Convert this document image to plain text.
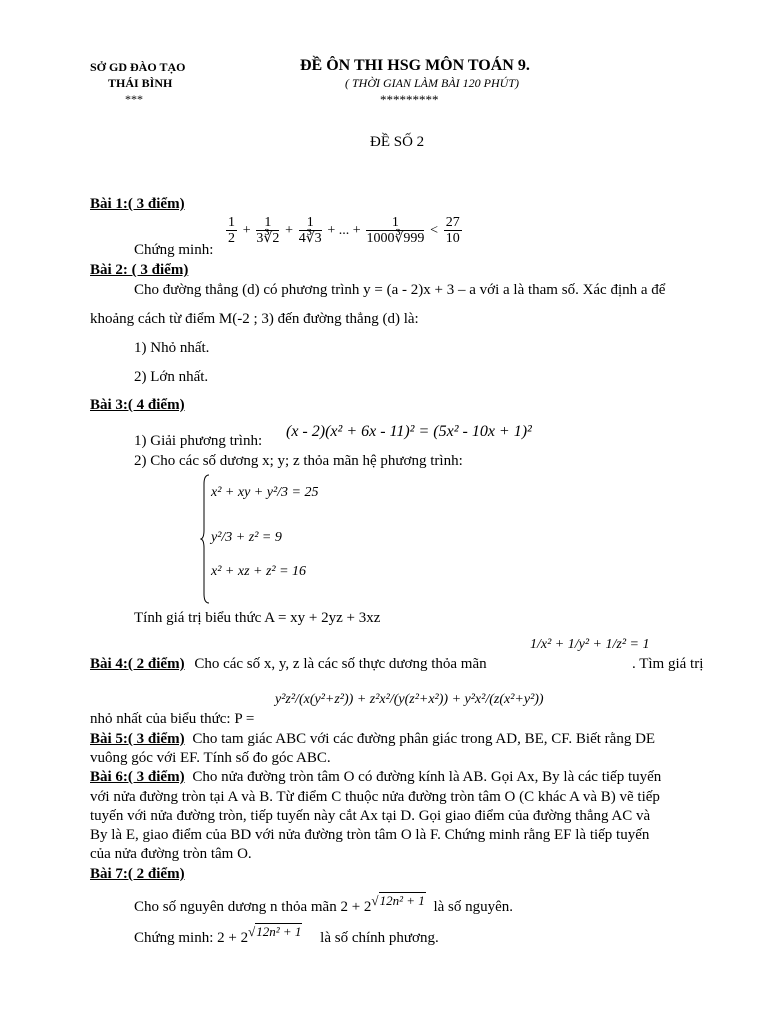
SỞ GD ĐÀO TẠO
THÁI BÌNH
***
ĐỀ ÔN THI HSG MÔN TOÁN 9.
( THỜI GIAN LÀM BÀI 120 PHÚT)
*********
ĐỀ SỐ 2
Bài 1:( 3 điểm)
Chứng minh:
$\frac{1}{2} + \frac{1}{3∛2} + \frac{1}{4∛3}$ + ... + $\frac{1}{1000∛999} < \frac{27}{10}$
Bài 2: ( 3 điểm)
Cho đường thẳng (d) có phương trình y = (a - 2)x + 3 – a với a là tham số. Xác định a để
khoảng cách từ điểm M(-2 ; 3) đến đường thẳng (d) là:
1) Nhỏ nhất.
2) Lớn nhất.
Bài 3:( 4 điểm)
1) Giải phương trình:
(x - 2)(x² + 6x - 11)² = (5x² - 10x + 1)²
2) Cho các số dương x; y; z thỏa mãn hệ phương trình:
x² + xy + y²/3 = 25
y²/3 + z² = 9
x² + xz + z² = 16
Tính giá trị biểu thức A = xy + 2yz + 3xz
1/x² + 1/y² + 1/z² = 1
Bài 4:( 2 điểm) Cho các số x, y, z là các số thực dương thỏa mãn	. Tìm giá trị
y²z²/(x(y²+z²)) + z²x²/(y(z²+x²)) + y²x²/(z(x²+y²))
nhỏ nhất của biểu thức: P =
Bài 5:( 3 điểm) Cho tam giác ABC với các đường phân giác trong AD, BE, CF. Biết rằng DE
vuông góc với EF. Tính số đo góc ABC.
Bài 6:( 3 điểm) Cho nửa đường tròn tâm O có đường kính là AB. Gọi Ax, By là các tiếp tuyến
với nửa đường tròn tại A và B. Từ điểm C thuộc nửa đường tròn tâm O (C khác A và B) vẽ tiếp
tuyến với nửa đường tròn, tiếp tuyến này cắt Ax tại D. Gọi giao điểm của đường thẳng AC và
By là E, giao điểm của BD với nửa đường tròn tâm O là F. Chứng minh rằng EF là tiếp tuyến
của nửa đường tròn tâm O.
Bài 7:( 2 điểm)
Cho số nguyên dương n thỏa mãn 2 + 2√12n² + 1 là số nguyên.
Chứng minh: 2 + 2√12n² + 1 là số chính phương.
